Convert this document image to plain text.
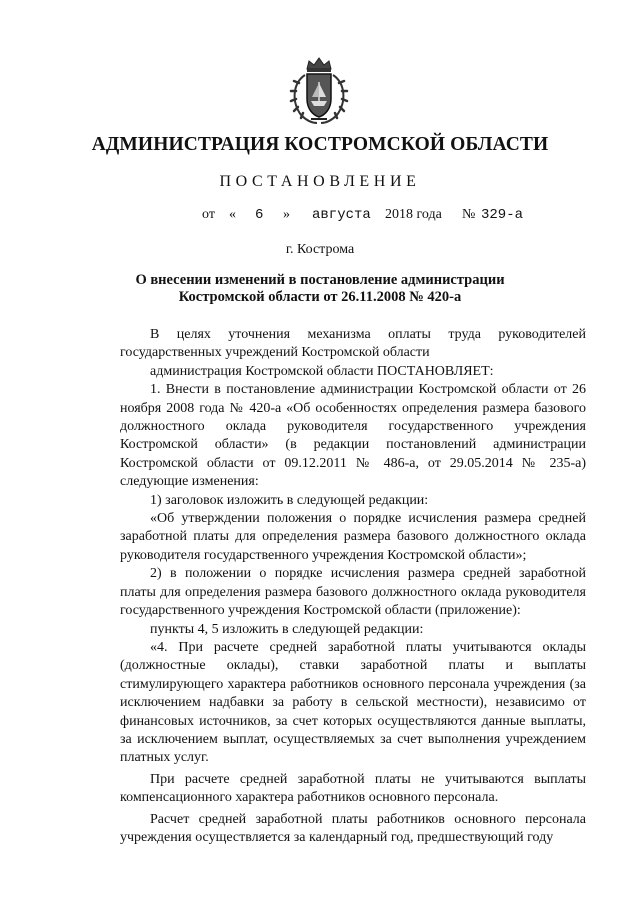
АДМИНИСТРАЦИЯ КОСТРОМСКОЙ ОБЛАСТИ
ПОСТАНОВЛЕНИЕ
от « 6 » августа 2018 года № 329-а
г. Кострома
О внесении изменений в постановление администрации
Костромской области от 26.11.2008 № 420-а

В целях уточнения механизма оплаты труда руководителей государственных учреждений Костромской области

администрация Костромской области ПОСТАНОВЛЯЕТ:

1. Внести в постановление администрации Костромской области от 26 ноября 2008 года № 420-а «Об особенностях определения размера базового должностного оклада руководителя государственного учреждения Костромской области» (в редакции постановлений администрации Костромской области от 09.12.2011 № 486-а, от 29.05.2014 № 235-а) следующие изменения:

1) заголовок изложить в следующей редакции:

«Об утверждении положения о порядке исчисления размера средней заработной платы для определения размера базового должностного оклада руководителя государственного учреждения Костромской области»;

2) в положении о порядке исчисления размера средней заработной платы для определения размера базового должностного оклада руководителя государственного учреждения Костромской области (приложение):

пункты 4, 5 изложить в следующей редакции:

«4. При расчете средней заработной платы учитываются оклады (должностные оклады), ставки заработной платы и выплаты стимулирующего характера работников основного персонала учреждения (за исключением надбавки за работу в сельской местности), независимо от финансовых источников, за счет которых осуществляются данные выплаты, за исключением выплат, осуществляемых за счет выполнения учреждением платных услуг.

При расчете средней заработной платы не учитываются выплаты компенсационного характера работников основного персонала.

Расчет средней заработной платы работников основного персонала учреждения осуществляется за календарный год, предшествующий году
